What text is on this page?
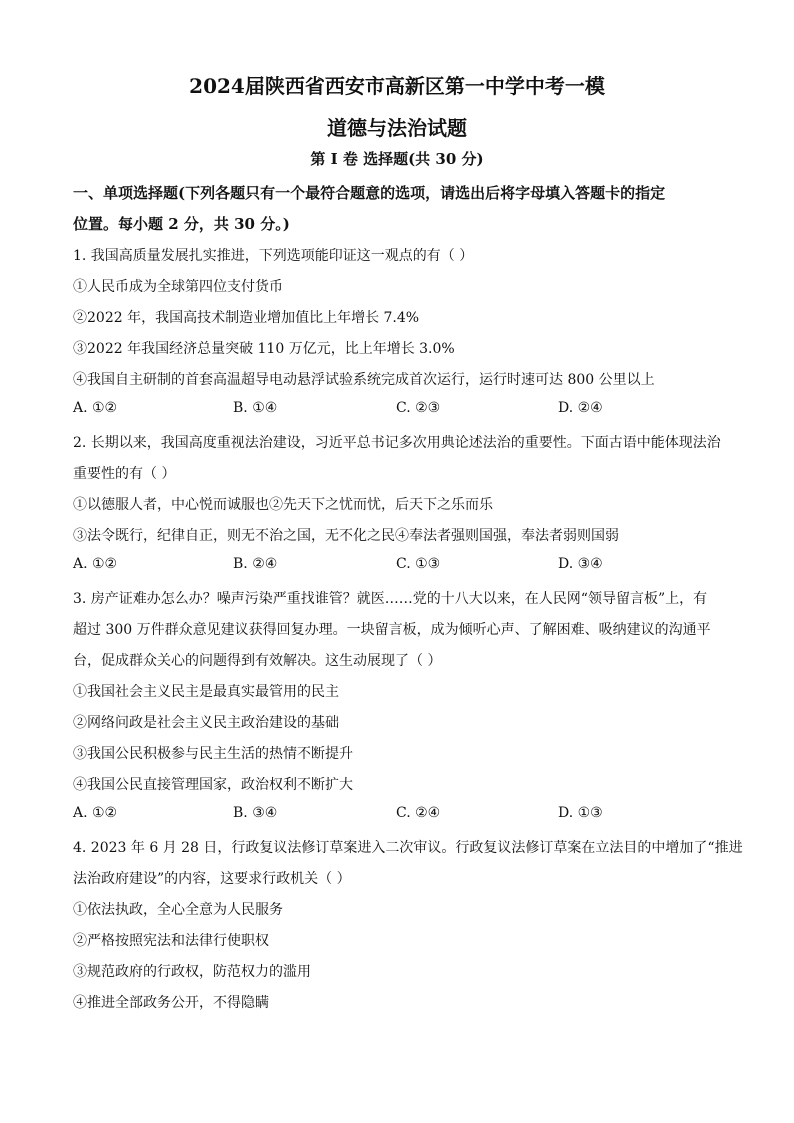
2024届陕西省西安市高新区第一中学中考一模
道德与法治试题
第 I 卷 选择题(共 30 分)
一、单项选择题(下列各题只有一个最符合题意的选项，请选出后将字母填入答题卡的指定
位置。每小题 2 分，共 30 分。)
1. 我国高质量发展扎实推进，下列选项能印证这一观点的有（ ）
①人民币成为全球第四位支付货币
②2022 年，我国高技术制造业增加值比上年增长 7.4%
③2022 年我国经济总量突破 110 万亿元，比上年增长 3.0%
④我国自主研制的首套高温超导电动悬浮试验系统完成首次运行，运行时速可达 800 公里以上
A. ①②	B. ①④	C. ②③	D. ②④
2. 长期以来，我国高度重视法治建设，习近平总书记多次用典论述法治的重要性。下面古语中能体现法治
重要性的有（ ）
①以德服人者，中心悦而诚服也②先天下之忧而忧，后天下之乐而乐
③法令既行，纪律自正，则无不治之国，无不化之民④奉法者强则国强，奉法者弱则国弱
A. ①②	B. ②④	C. ①③	D. ③④
3. 房产证难办怎么办？噪声污染严重找谁管？就医……党的十八大以来，在人民网“领导留言板”上，有
超过 300 万件群众意见建议获得回复办理。一块留言板，成为倾听心声、了解困难、吸纳建议的沟通平
台，促成群众关心的问题得到有效解决。这生动展现了（ ）
①我国社会主义民主是最真实最管用的民主
②网络问政是社会主义民主政治建设的基础
③我国公民积极参与民主生活的热情不断提升
④我国公民直接管理国家，政治权利不断扩大
A. ①②	B. ③④	C. ②④	D. ①③
4. 2023 年 6 月 28 日，行政复议法修订草案进入二次审议。行政复议法修订草案在立法目的中增加了“推进
法治政府建设”的内容，这要求行政机关（ ）
①依法执政，全心全意为人民服务
②严格按照宪法和法律行使职权
③规范政府的行政权，防范权力的滥用
④推进全部政务公开，不得隐瞒
